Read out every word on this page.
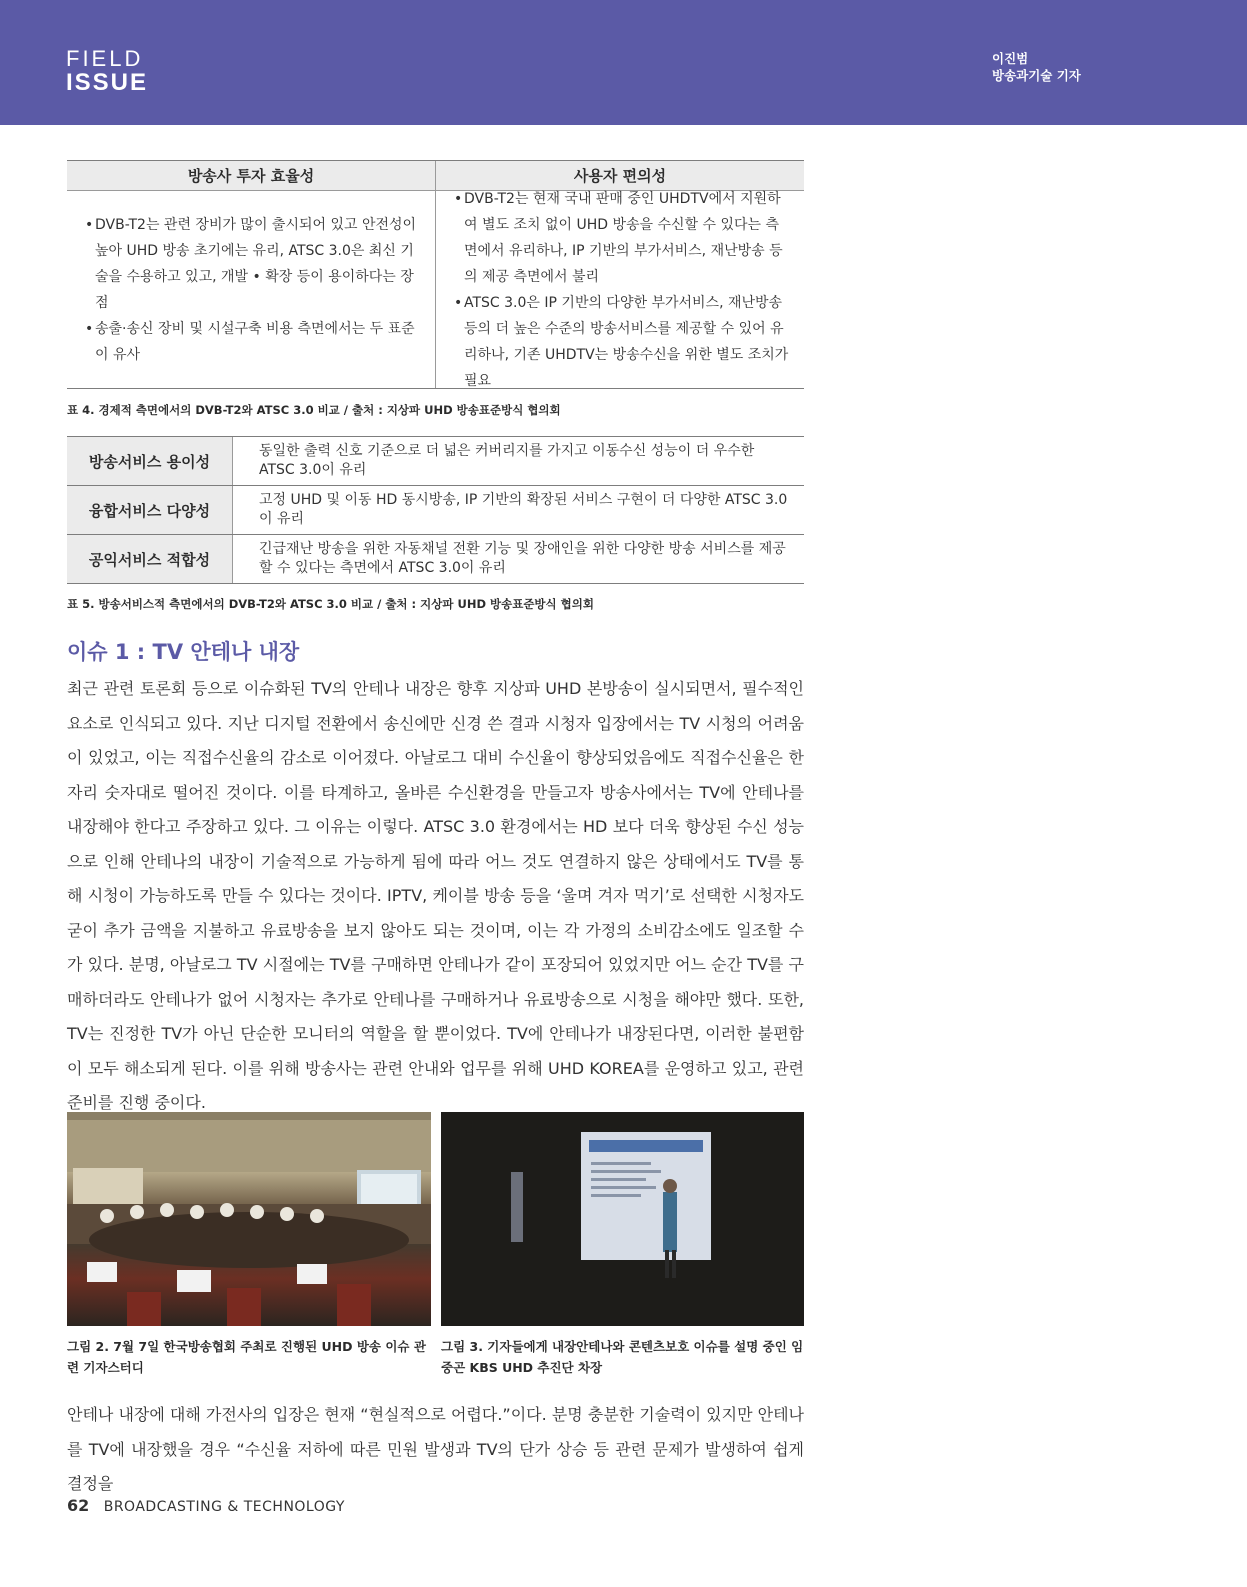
FIELD
ISSUE
이진범
방송과기술 기자
방송사 투자 효율성	사용자 편의성
• DVB-T2는 관련 장비가 많이 출시되어 있고 안전성이 높아 UHD 방송 초기에는 유리, ATSC 3.0은 최신 기술을 수용하고 있고, 개발 • 확장 등이 용이하다는 장점
• 송출·송신 장비 및 시설구축 비용 측면에서는 두 표준이 유사
• DVB-T2는 현재 국내 판매 중인 UHDTV에서 지원하여 별도 조치 없이 UHD 방송을 수신할 수 있다는 측면에서 유리하나, IP 기반의 부가서비스, 재난방송 등의 제공 측면에서 불리
• ATSC 3.0은 IP 기반의 다양한 부가서비스, 재난방송 등의 더 높은 수준의 방송서비스를 제공할 수 있어 유리하나, 기존 UHDTV는 방송수신을 위한 별도 조치가 필요
표 4. 경제적 측면에서의 DVB-T2와 ATSC 3.0 비교 / 출처 : 지상파 UHD 방송표준방식 협의회
방송서비스 용이성
동일한 출력 신호 기준으로 더 넓은 커버리지를 가지고 이동수신 성능이 더 우수한 ATSC 3.0이 유리
융합서비스 다양성
고정 UHD 및 이동 HD 동시방송, IP 기반의 확장된 서비스 구현이 더 다양한 ATSC 3.0이 유리
공익서비스 적합성
긴급재난 방송을 위한 자동채널 전환 기능 및 장애인을 위한 다양한 방송 서비스를 제공할 수 있다는 측면에서 ATSC 3.0이 유리
표 5. 방송서비스적 측면에서의 DVB-T2와 ATSC 3.0 비교 / 출처 : 지상파 UHD 방송표준방식 협의회
이슈 1 : TV 안테나 내장
최근 관련 토론회 등으로 이슈화된 TV의 안테나 내장은 향후 지상파 UHD 본방송이 실시되면서, 필수적인 요소로 인식되고 있다. 지난 디지털 전환에서 송신에만 신경 쓴 결과 시청자 입장에서는 TV 시청의 어려움이 있었고, 이는 직접수신율의 감소로 이어졌다. 아날로그 대비 수신율이 향상되었음에도 직접수신율은 한 자리 숫자대로 떨어진 것이다. 이를 타계하고, 올바른 수신환경을 만들고자 방송사에서는 TV에 안테나를 내장해야 한다고 주장하고 있다. 그 이유는 이렇다. ATSC 3.0 환경에서는 HD 보다 더욱 향상된 수신 성능으로 인해 안테나의 내장이 기술적으로 가능하게 됨에 따라 어느 것도 연결하지 않은 상태에서도 TV를 통해 시청이 가능하도록 만들 수 있다는 것이다. IPTV, 케이블 방송 등을 ‘울며 겨자 먹기’로 선택한 시청자도 굳이 추가 금액을 지불하고 유료방송을 보지 않아도 되는 것이며, 이는 각 가정의 소비감소에도 일조할 수가 있다. 분명, 아날로그 TV 시절에는 TV를 구매하면 안테나가 같이 포장되어 있었지만 어느 순간 TV를 구매하더라도 안테나가 없어 시청자는 추가로 안테나를 구매하거나 유료방송으로 시청을 해야만 했다. 또한, TV는 진정한 TV가 아닌 단순한 모니터의 역할을 할 뿐이었다. TV에 안테나가 내장된다면, 이러한 불편함이 모두 해소되게 된다. 이를 위해 방송사는 관련 안내와 업무를 위해 UHD KOREA를 운영하고 있고, 관련 준비를 진행 중이다.
그림 2. 7월 7일 한국방송협회 주최로 진행된 UHD 방송 이슈 관련 기자스터디
그림 3. 기자들에게 내장안테나와 콘텐츠보호 이슈를 설명 중인 임중곤 KBS UHD 추진단 차장
안테나 내장에 대해 가전사의 입장은 현재 “현실적으로 어렵다.”이다. 분명 충분한 기술력이 있지만 안테나를 TV에 내장했을 경우 “수신율 저하에 따른 민원 발생과 TV의 단가 상승 등 관련 문제가 발생하여 쉽게 결정을
62 BROADCASTING & TECHNOLOGY
